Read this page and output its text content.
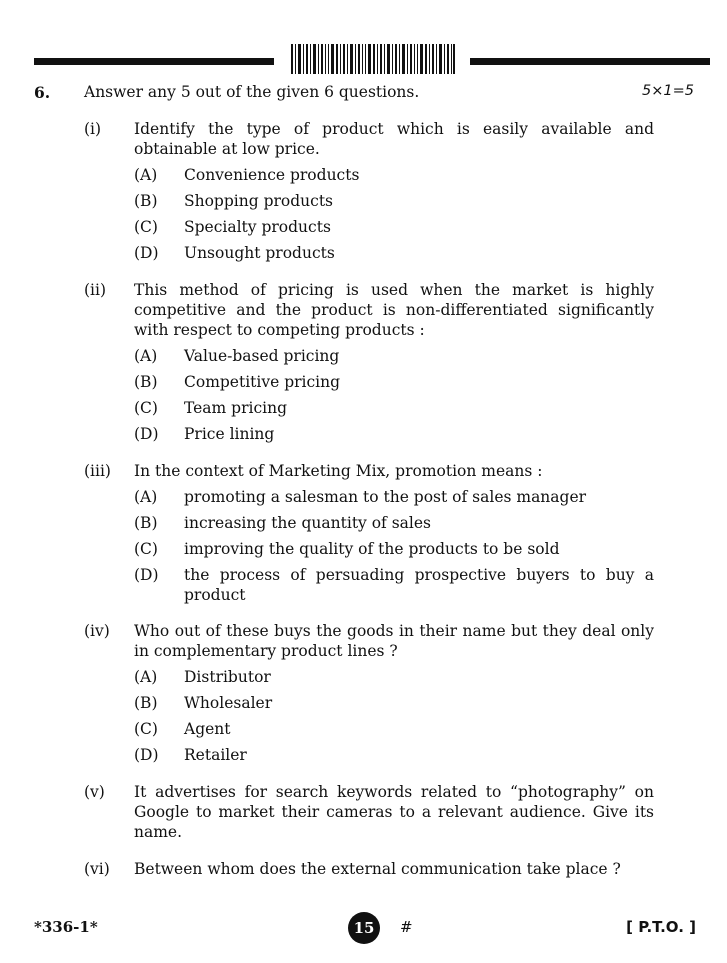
6. Answer any 5 out of the given 6 questions.	5×1=5
(i)	Identify the type of product which is easily available and obtainable at low price.
(A)	Convenience products
(B)	Shopping products
(C)	Specialty products
(D)	Unsought products
(ii)	This method of pricing is used when the market is highly competitive and the product is non-differentiated significantly with respect to competing products :
(A)	Value-based pricing
(B)	Competitive pricing
(C)	Team pricing
(D)	Price lining
(iii)	In the context of Marketing Mix, promotion means :
(A)	promoting a salesman to the post of sales manager
(B)	increasing the quantity of sales
(C)	improving the quality of the products to be sold
(D)	the process of persuading prospective buyers to buy a product
(iv)	Who out of these buys the goods in their name but they deal only in complementary product lines ?
(A)	Distributor
(B)	Wholesaler
(C)	Agent
(D)	Retailer
(v)	It advertises for search keywords related to “photography” on Google to market their cameras to a relevant audience. Give its name.
(vi)	Between whom does the external communication take place ?
*336-1*	15	#	[ P.T.O. ]
